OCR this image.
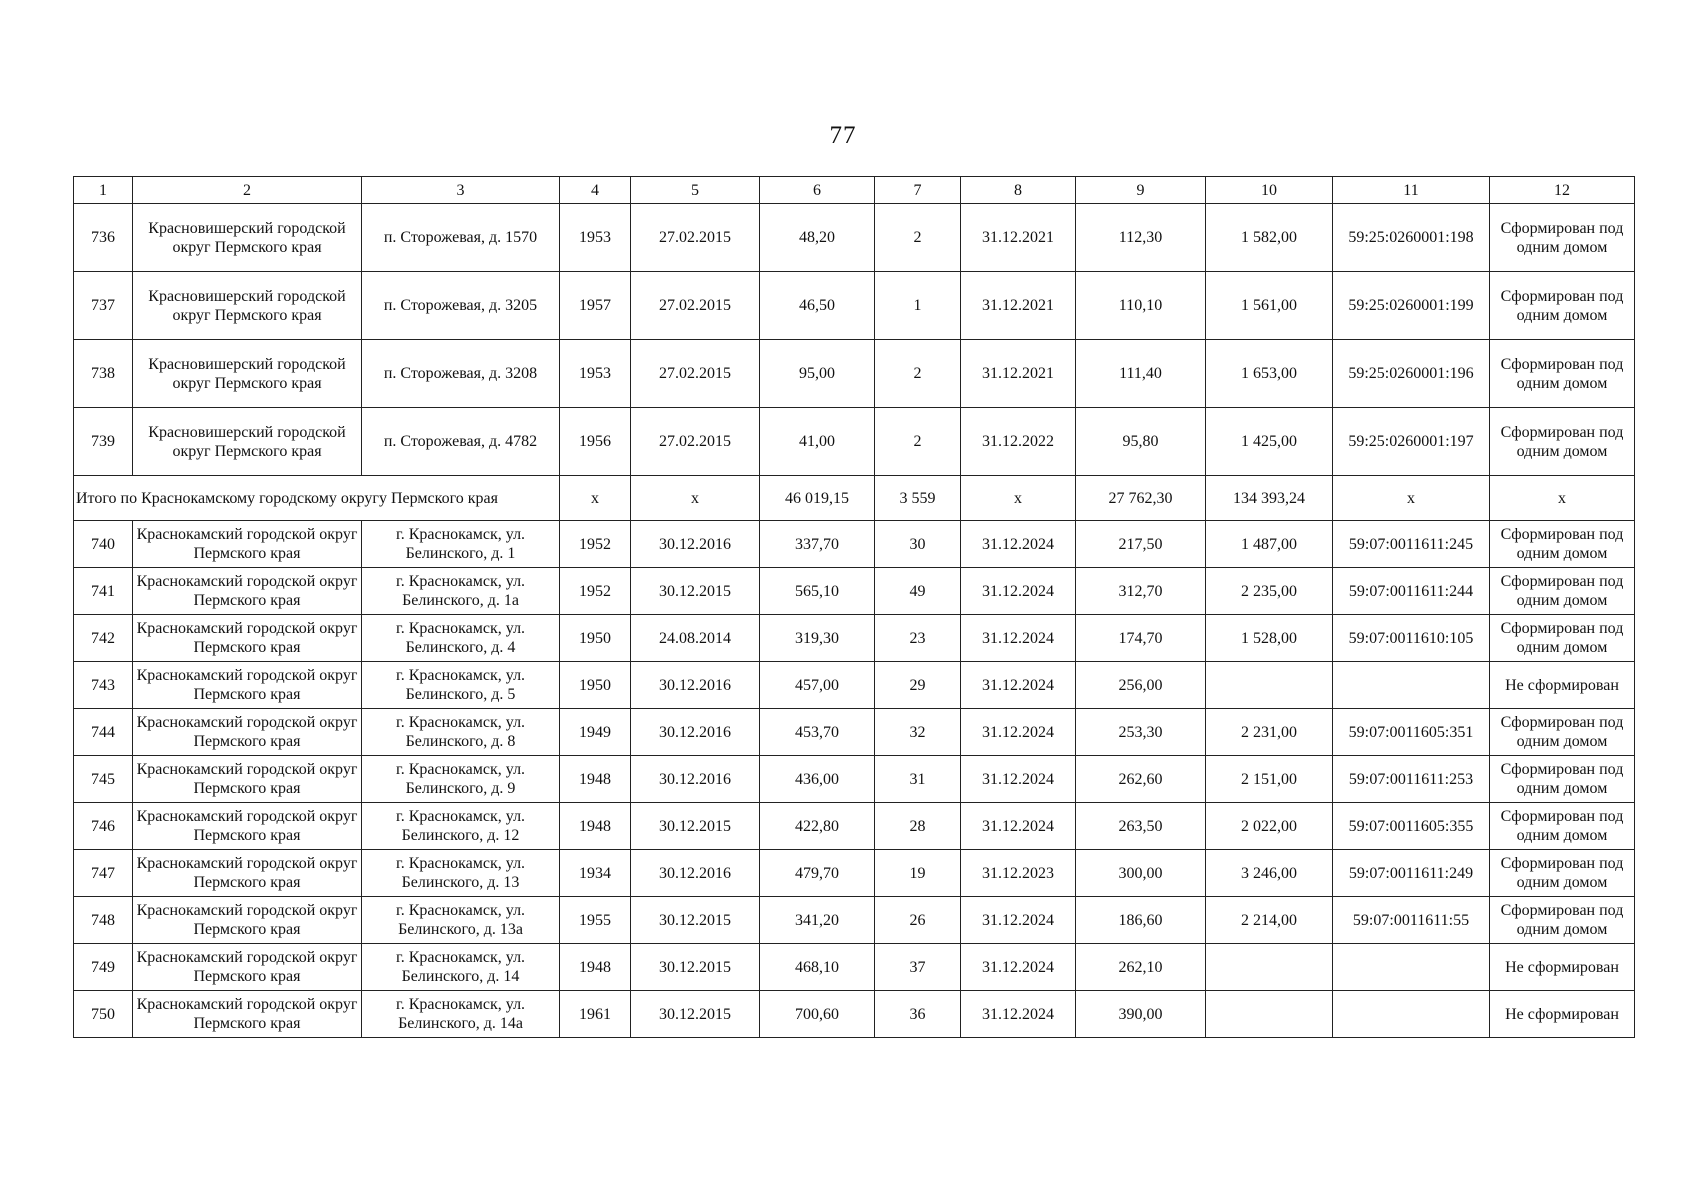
77
1	2	3	4	5	6	7	8	9	10	11	12
736	Красновишерский городской округ Пермского края	п. Сторожевая, д. 1570	1953	27.02.2015	48,20	2	31.12.2021	112,30	1 582,00	59:25:0260001:198	Сформирован под одним домом
737	Красновишерский городской округ Пермского края	п. Сторожевая, д. 3205	1957	27.02.2015	46,50	1	31.12.2021	110,10	1 561,00	59:25:0260001:199	Сформирован под одним домом
738	Красновишерский городской округ Пермского края	п. Сторожевая, д. 3208	1953	27.02.2015	95,00	2	31.12.2021	111,40	1 653,00	59:25:0260001:196	Сформирован под одним домом
739	Красновишерский городской округ Пермского края	п. Сторожевая, д. 4782	1956	27.02.2015	41,00	2	31.12.2022	95,80	1 425,00	59:25:0260001:197	Сформирован под одним домом
Итого по Краснокамскому городскому округу Пермского края			x	x	46 019,15	3 559	x	27 762,30	134 393,24	x	x
740	Краснокамский городской округ Пермского края	г. Краснокамск, ул. Белинского, д. 1	1952	30.12.2016	337,70	30	31.12.2024	217,50	1 487,00	59:07:0011611:245	Сформирован под одним домом
741	Краснокамский городской округ Пермского края	г. Краснокамск, ул. Белинского, д. 1а	1952	30.12.2015	565,10	49	31.12.2024	312,70	2 235,00	59:07:0011611:244	Сформирован под одним домом
742	Краснокамский городской округ Пермского края	г. Краснокамск, ул. Белинского, д. 4	1950	24.08.2014	319,30	23	31.12.2024	174,70	1 528,00	59:07:0011610:105	Сформирован под одним домом
743	Краснокамский городской округ Пермского края	г. Краснокамск, ул. Белинского, д. 5	1950	30.12.2016	457,00	29	31.12.2024	256,00			Не сформирован
744	Краснокамский городской округ Пермского края	г. Краснокамск, ул. Белинского, д. 8	1949	30.12.2016	453,70	32	31.12.2024	253,30	2 231,00	59:07:0011605:351	Сформирован под одним домом
745	Краснокамский городской округ Пермского края	г. Краснокамск, ул. Белинского, д. 9	1948	30.12.2016	436,00	31	31.12.2024	262,60	2 151,00	59:07:0011611:253	Сформирован под одним домом
746	Краснокамский городской округ Пермского края	г. Краснокамск, ул. Белинского, д. 12	1948	30.12.2015	422,80	28	31.12.2024	263,50	2 022,00	59:07:0011605:355	Сформирован под одним домом
747	Краснокамский городской округ Пермского края	г. Краснокамск, ул. Белинского, д. 13	1934	30.12.2016	479,70	19	31.12.2023	300,00	3 246,00	59:07:0011611:249	Сформирован под одним домом
748	Краснокамский городской округ Пермского края	г. Краснокамск, ул. Белинского, д. 13а	1955	30.12.2015	341,20	26	31.12.2024	186,60	2 214,00	59:07:0011611:55	Сформирован под одним домом
749	Краснокамский городской округ Пермского края	г. Краснокамск, ул. Белинского, д. 14	1948	30.12.2015	468,10	37	31.12.2024	262,10			Не сформирован
750	Краснокамский городской округ Пермского края	г. Краснокамск, ул. Белинского, д. 14а	1961	30.12.2015	700,60	36	31.12.2024	390,00			Не сформирован
